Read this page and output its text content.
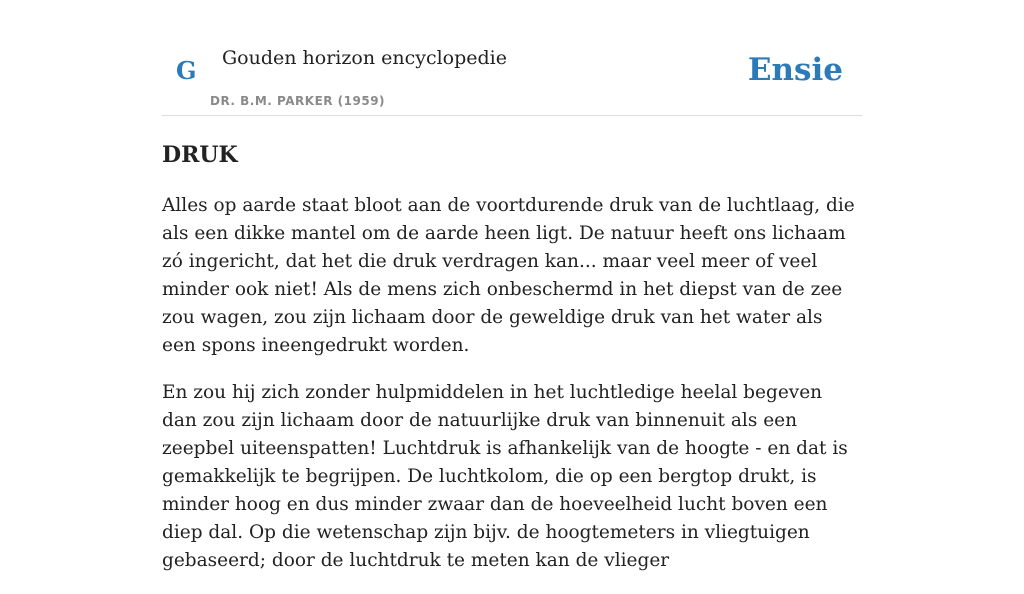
G Gouden horizon encyclopedie
DR. B.M. PARKER (1959)
Ensie
DRUK

Alles op aarde staat bloot aan de voortdurende druk van de luchtlaag, die als een dikke mantel om de aarde heen ligt. De natuur heeft ons lichaam zó ingericht, dat het die druk verdragen kan... maar veel meer of veel minder ook niet! Als de mens zich onbeschermd in het diepst van de zee zou wagen, zou zijn lichaam door de geweldige druk van het water als een spons ineengedrukt worden.

En zou hij zich zonder hulpmiddelen in het luchtledige heelal begeven dan zou zijn lichaam door de natuurlijke druk van binnenuit als een zeepbel uiteenspatten! Luchtdruk is afhankelijk van de hoogte - en dat is gemakkelijk te begrijpen. De luchtkolom, die op een bergtop drukt, is minder hoog en dus minder zwaar dan de hoeveelheid lucht boven een diep dal. Op die wetenschap zijn bijv. de hoogtemeters in vliegtuigen gebaseerd; door de luchtdruk te meten kan de vlieger
